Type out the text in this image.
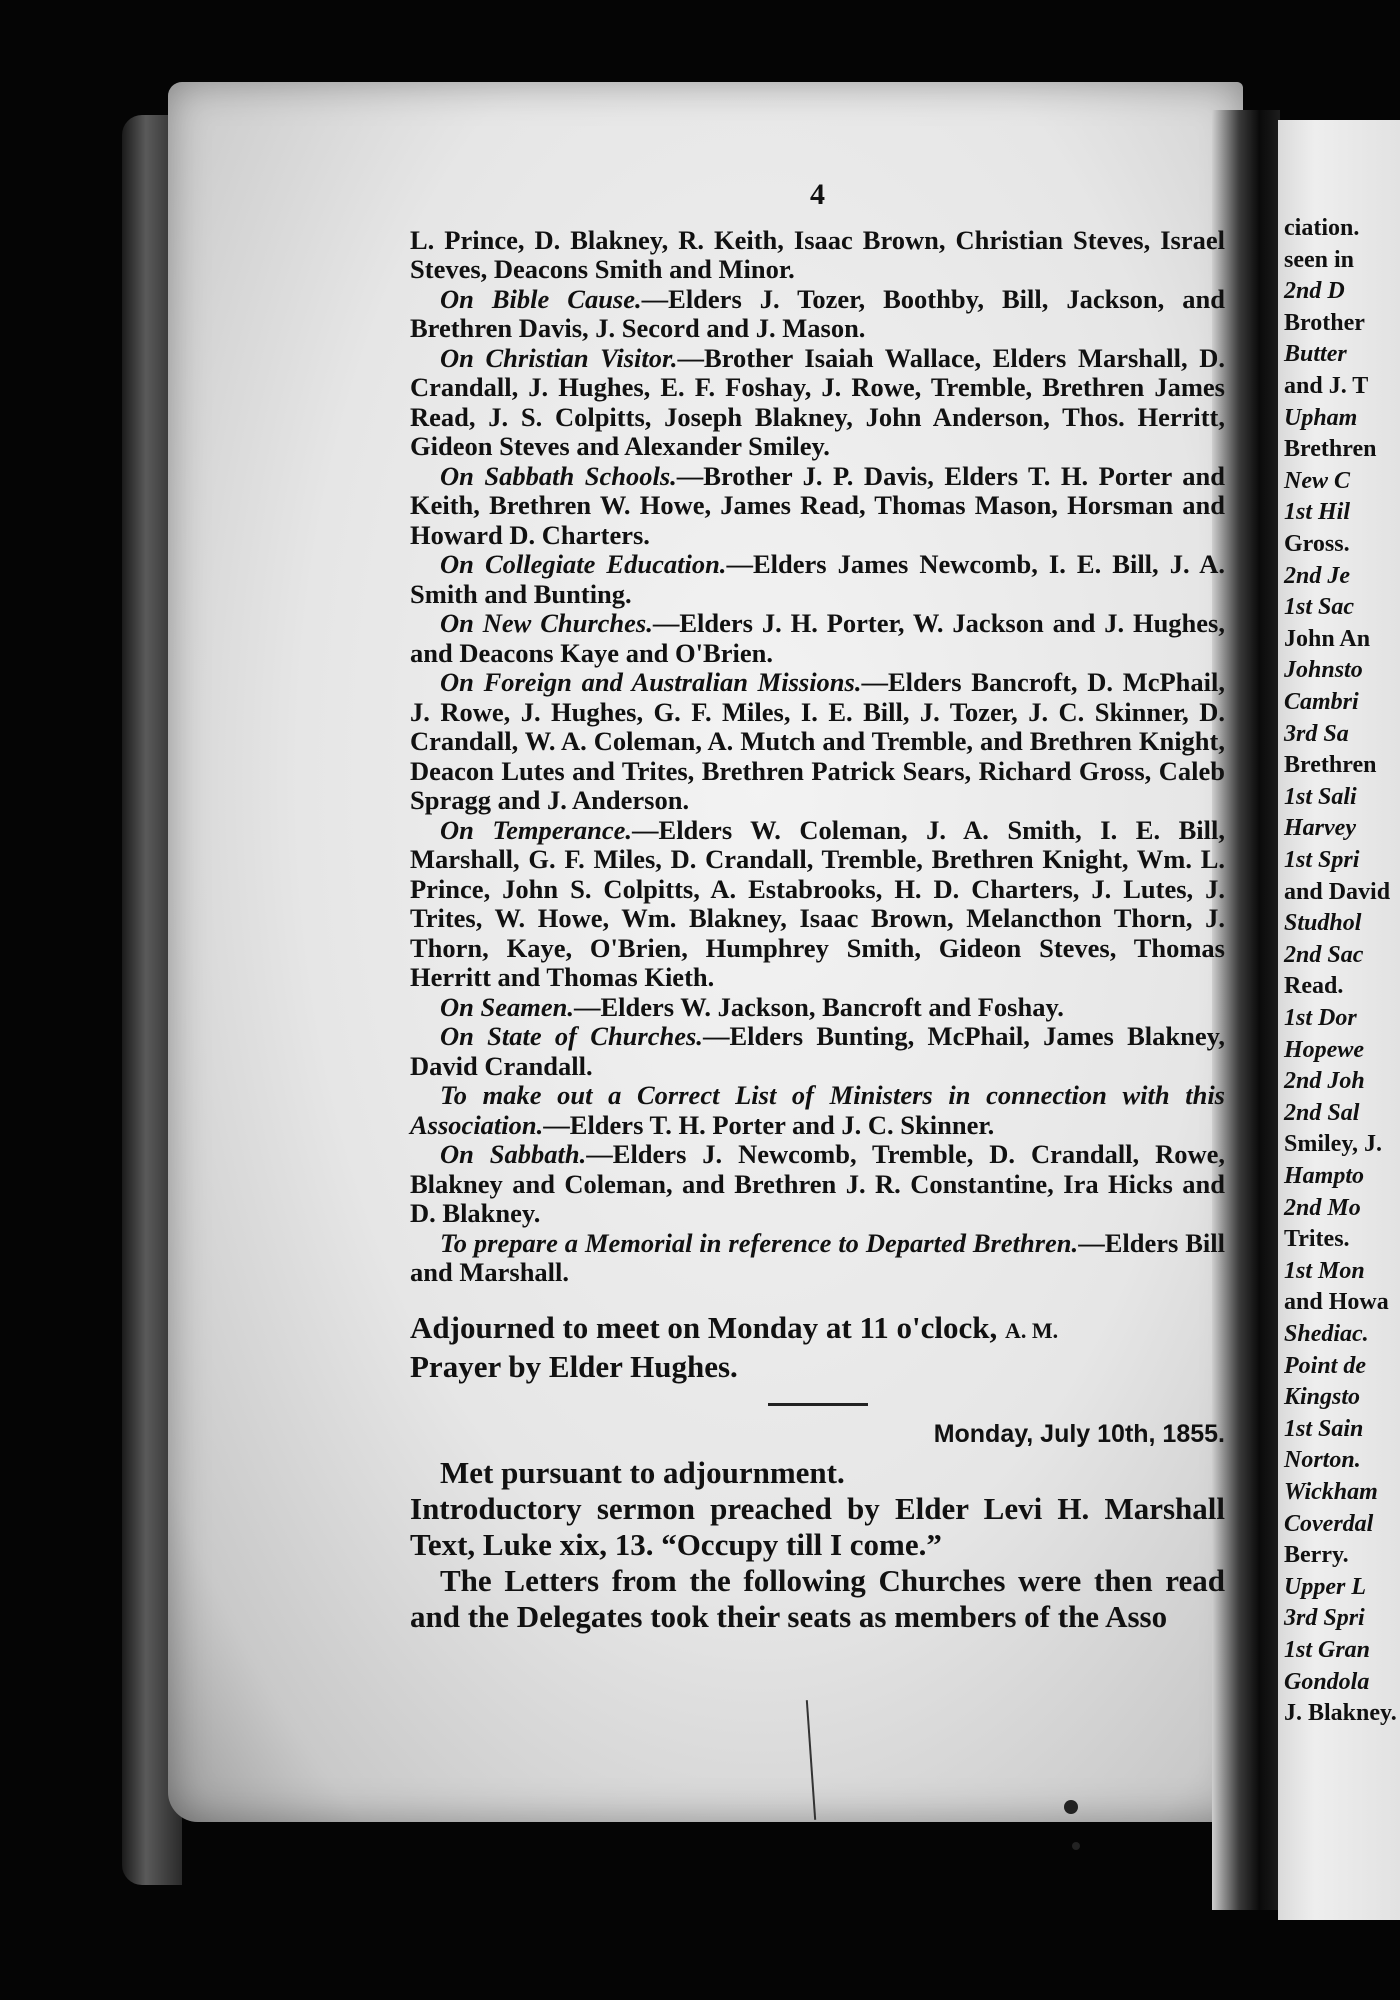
ciation.
seen in
2nd D
Brother
Butter
and J. T
Upham
Brethren
New C
1st Hil
Gross.
2nd Je
1st Sac
John An
Johnsto
Cambri
3rd Sa
Brethren
1st Sali
Harvey
1st Spri
and David
Studhol
2nd Sac
Read.
1st Dor
Hopewe
2nd Joh
2nd Sal
Smiley, J.
Hampto
2nd Mo
Trites.
1st Mon
and Howa
Shediac.
Point de
Kingsto
1st Sain
Norton.
Wickham
Coverdal
Berry.
Upper L
3rd Spri
1st Gran
Gondola
J. Blakney.
4

L. Prince, D. Blakney, R. Keith, Isaac Brown, Christian Steves, Israel Steves, Deacons Smith and Minor.

On Bible Cause.—Elders J. Tozer, Boothby, Bill, Jackson, and Brethren Davis, J. Secord and J. Mason.

On Christian Visitor.—Brother Isaiah Wallace, Elders Marshall, D. Crandall, J. Hughes, E. F. Foshay, J. Rowe, Tremble, Brethren James Read, J. S. Colpitts, Joseph Blakney, John Anderson, Thos. Herritt, Gideon Steves and Alexander Smiley.

On Sabbath Schools.—Brother J. P. Davis, Elders T. H. Porter and Keith, Brethren W. Howe, James Read, Thomas Mason, Horsman and Howard D. Charters.

On Collegiate Education.—Elders James Newcomb, I. E. Bill, J. A. Smith and Bunting.

On New Churches.—Elders J. H. Porter, W. Jackson and J. Hughes, and Deacons Kaye and O'Brien.

On Foreign and Australian Missions.—Elders Bancroft, D. McPhail, J. Rowe, J. Hughes, G. F. Miles, I. E. Bill, J. Tozer, J. C. Skinner, D. Crandall, W. A. Coleman, A. Mutch and Tremble, and Brethren Knight, Deacon Lutes and Trites, Brethren Patrick Sears, Richard Gross, Caleb Spragg and J. Anderson.

On Temperance.—Elders W. Coleman, J. A. Smith, I. E. Bill, Marshall, G. F. Miles, D. Crandall, Tremble, Brethren Knight, Wm. L. Prince, John S. Colpitts, A. Estabrooks, H. D. Charters, J. Lutes, J. Trites, W. Howe, Wm. Blakney, Isaac Brown, Melancthon Thorn, J. Thorn, Kaye, O'Brien, Humphrey Smith, Gideon Steves, Thomas Herritt and Thomas Kieth.

On Seamen.—Elders W. Jackson, Bancroft and Foshay.

On State of Churches.—Elders Bunting, McPhail, James Blakney, David Crandall.

To make out a Correct List of Ministers in connection with this Association.—Elders T. H. Porter and J. C. Skinner.

On Sabbath.—Elders J. Newcomb, Tremble, D. Crandall, Rowe, Blakney and Coleman, and Brethren J. R. Constantine, Ira Hicks and D. Blakney.

To prepare a Memorial in reference to Departed Brethren.—Elders Bill and Marshall.

Adjourned to meet on Monday at 11 o'clock, A. M.

Prayer by Elder Hughes.

Monday, July 10th, 1855.

Met pursuant to adjournment.

Introductory sermon preached by Elder Levi H. Marshall Text, Luke xix, 13. “Occupy till I come.”

The Letters from the following Churches were then read and the Delegates took their seats as members of the Asso
